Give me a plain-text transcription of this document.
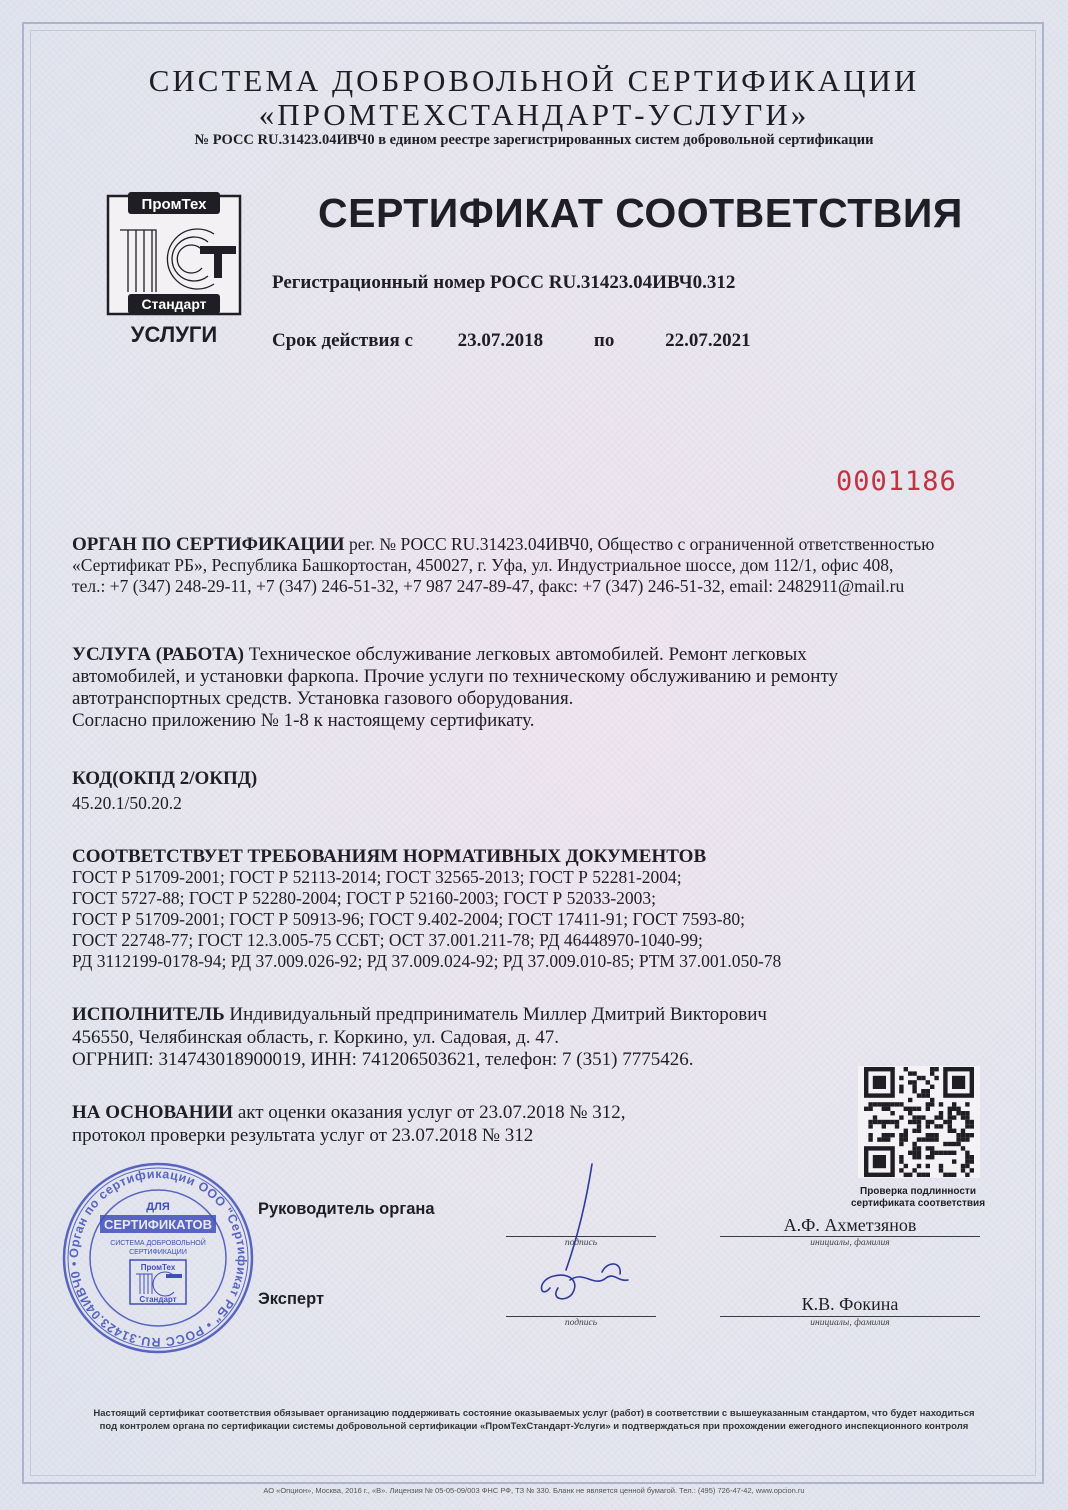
СИСТЕМА ДОБРОВОЛЬНОЙ СЕРТИФИКАЦИИ
«ПРОМТЕХСТАНДАРТ-УСЛУГИ»
№ РОСС RU.31423.04ИВЧ0 в едином реестре зарегистрированных систем добровольной сертификации
ПромТех
Стандарт
УСЛУГИ
СЕРТИФИКАТ СООТВЕТСТВИЯ
Регистрационный номер РОСС RU.31423.04ИВЧ0.312
Срок действия с 23.07.2018	по	22.07.2021
0001186
ОРГАН ПО СЕРТИФИКАЦИИ рег. № РОСС RU.31423.04ИВЧ0, Общество с ограниченной ответственностью
«Сертификат РБ», Республика Башкортостан, 450027, г. Уфа, ул. Индустриальное шоссе, дом 112/1, офис 408,
тел.: +7 (347) 248-29-11, +7 (347) 246-51-32, +7 987 247-89-47, факс: +7 (347) 246-51-32, email: 2482911@mail.ru
УСЛУГА (РАБОТА) Техническое обслуживание легковых автомобилей. Ремонт легковых
автомобилей, и установки фаркопа. Прочие услуги по техническому обслуживанию и ремонту
автотранспортных средств. Установка газового оборудования.
Согласно приложению № 1-8 к настоящему сертификату.
КОД(ОКПД 2/ОКПД)
45.20.1/50.20.2
СООТВЕТСТВУЕТ ТРЕБОВАНИЯМ НОРМАТИВНЫХ ДОКУМЕНТОВ
ГОСТ Р 51709-2001; ГОСТ Р 52113-2014; ГОСТ 32565-2013; ГОСТ Р 52281-2004;
ГОСТ 5727-88; ГОСТ Р 52280-2004; ГОСТ Р 52160-2003; ГОСТ Р 52033-2003;
ГОСТ Р 51709-2001; ГОСТ Р 50913-96; ГОСТ 9.402-2004; ГОСТ 17411-91; ГОСТ 7593-80;
ГОСТ 22748-77; ГОСТ 12.3.005-75 ССБТ; ОСТ 37.001.211-78; РД 46448970-1040-99;
РД 3112199-0178-94; РД 37.009.026-92; РД 37.009.024-92; РД 37.009.010-85; РТМ 37.001.050-78
ИСПОЛНИТЕЛЬ Индивидуальный предприниматель Миллер Дмитрий Викторович
456550, Челябинская область, г. Коркино, ул. Садовая, д. 47.
ОГРНИП: 314743018900019, ИНН: 741206503621, телефон: 7 (351) 7775426.
НА ОСНОВАНИИ акт оценки оказания услуг от 23.07.2018 № 312,
протокол проверки результата услуг от 23.07.2018 № 312
Проверка подлинности
сертификата соответствия
Орган по сертификации ООО "Сертификат РБ" • РОСС RU.31423.04ИВЧ0 •
ДЛЯ
СЕРТИФИКАТОВ
СИСТЕМА ДОБРОВОЛЬНОЙ
СЕРТИФИКАЦИИ
ПромТех
Стандарт
Руководитель органа
подпись
А.Ф. Ахметзянов
инициалы, фамилия
Эксперт
подпись
К.В. Фокина
инициалы, фамилия
Настоящий сертификат соответствия обязывает организацию поддерживать состояние оказываемых услуг (работ) в соответствии с вышеуказанным стандартом, что будет находиться
под контролем органа по сертификации системы добровольной сертификации «ПромТехСтандарт-Услуги» и подтверждаться при прохождении ежегодного инспекционного контроля
АО «Опцион», Москва, 2016 г., «В». Лицензия № 05-05-09/003 ФНС РФ, ТЗ № 330. Бланк не является ценной бумагой. Тел.: (495) 726-47-42, www.opcion.ru
